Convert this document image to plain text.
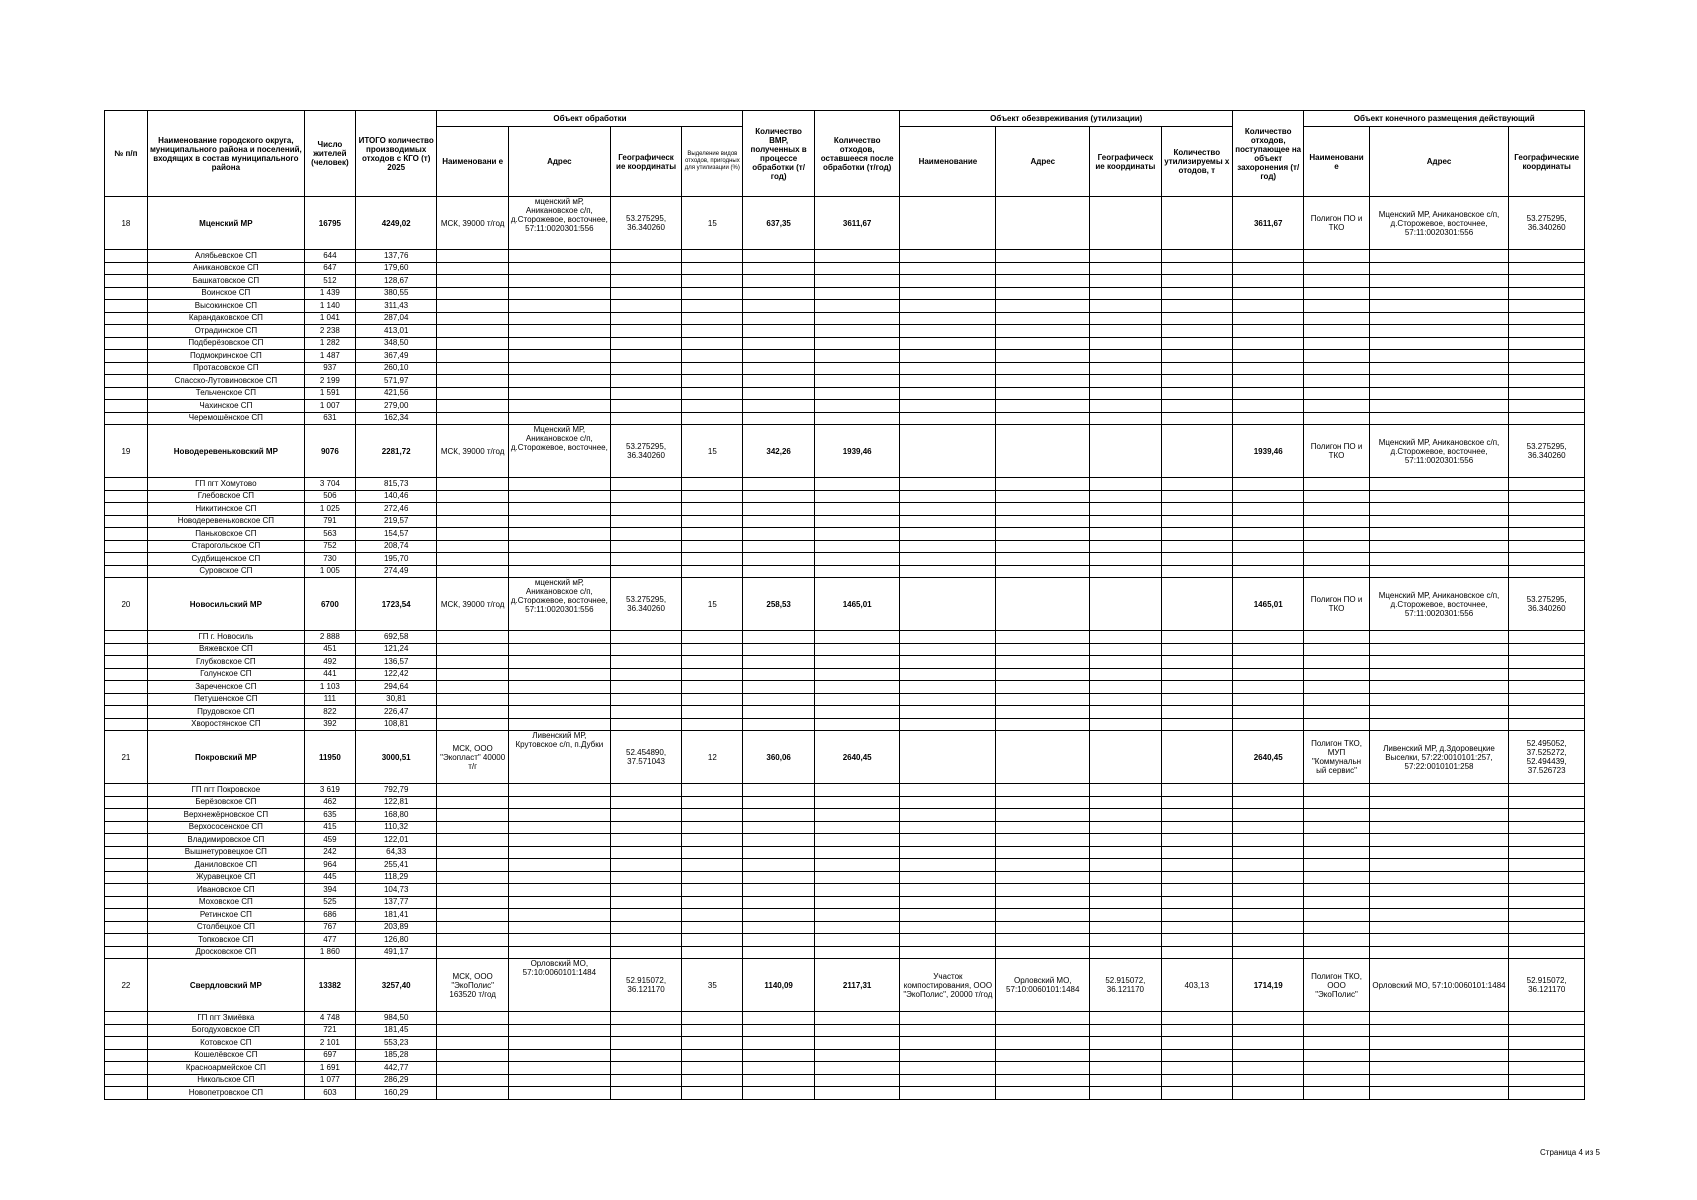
№ п/п	Наименование городского округа, муниципального района и поселений, входящих в состав муниципального района	Число жителей (человек)	ИТОГО количество производимых отходов с КГО (т) 2025	Объект обработки				Количество ВМР, полученных в процессе обработки (т/год)	Количество отходов, оставшееся после обработки (т/год)	Объект обезвреживания (утилизации)				Количество отходов, поступающее на объект захоронения (т/год)	Объект конечного размещения действующий		
				Наименовани е	Адрес	Географическ ие координаты	Выделение видов отходов, пригодных для утилизации (%)			Наименование	Адрес	Географическ ие координаты	Количество утилизируемы х отодов, т		Наименовани е	Адрес	Географические координаты
18	Мценский МР	16795	4249,02	МСК, 39000 т/год	мценский мР, Аникановское с/п, д.Сторожевое, восточнее, 57:11:0020301:556	53.275295, 36.340260	15	637,35	3611,67					3611,67	Полигон ПО и ТКО	Мценский МР, Аникановское с/п, д.Сторожевое, восточнее, 57:11:0020301:556	53.275295, 36.340260
	Алябьевское СП	644	137,76														
	Аникановское СП	647	179,60														
	Башкатовское СП	512	128,67														
	Воинское СП	1 439	380,55														
	Высокинское СП	1 140	311,43														
	Карандаковское СП	1 041	287,04														
	Отрадинское СП	2 238	413,01														
	Подберёзовское СП	1 282	348,50														
	Подмокринское СП	1 487	367,49														
	Протасовское СП	937	260,10														
	Спасско-Лутовиновское СП	2 199	571,97														
	Тельченское СП	1 591	421,56														
	Чахинское СП	1 007	279,00														
	Черемошёнское СП	631	162,34														
19	Новодеревеньковский МР	9076	2281,72	МСК, 39000 т/год	Мценский МР, Аникановское с/п, д.Сторожевое, восточнее,	53.275295, 36.340260	15	342,26	1939,46					1939,46	Полигон ПО и ТКО	Мценский МР, Аникановское с/п, д.Сторожевое, восточнее, 57:11:0020301:556	53.275295, 36.340260
	ГП пгт Хомутово	3 704	815,73														
	Глебовское СП	506	140,46														
	Никитинское СП	1 025	272,46														
	Новодеревеньковское СП	791	219,57														
	Паньковское СП	563	154,57														
	Старогольское СП	752	208,74														
	Судбищенское СП	730	195,70														
	Суровское СП	1 005	274,49														
20	Новосильский МР	6700	1723,54	МСК, 39000 т/год	мценский мР, Аникановское с/п, д.Сторожевое, восточнее, 57:11:0020301:556	53.275295, 36.340260	15	258,53	1465,01					1465,01	Полигон ПО и ТКО	Мценский МР, Аникановское с/п, д.Сторожевое, восточнее, 57:11:0020301:556	53.275295, 36.340260
	ГП г. Новосиль	2 888	692,58														
	Вяжевское СП	451	121,24														
	Глубковское СП	492	136,57														
	Голунское СП	441	122,42														
	Зареченское СП	1 103	294,64														
	Петушенское СП	111	30,81														
	Прудовское СП	822	226,47														
	Хворостянское СП	392	108,81														
21	Покровский МР	11950	3000,51	МСК, ООО "Экопласт" 40000 т/г	Ливенский МР, Крутовское с/п, п.Дубки	52.454890, 37.571043	12	360,06	2640,45					2640,45	Полигон ТКО, МУП "Коммунальн ый сервис"	Ливенский МР, д.Здоровецкие Выселки, 57:22:0010101:257, 57:22:0010101:258	52.495052, 37.525272, 52.494439, 37.526723
	ГП пгт Покровское	3 619	792,79														
	Берёзовское СП	462	122,81														
	Верхнежёрновское СП	635	168,80														
	Верхососенское СП	415	110,32														
	Владимировское СП	459	122,01														
	Вышнетуровецкое СП	242	64,33														
	Даниловское СП	964	255,41														
	Журавецкое СП	445	118,29														
	Ивановское СП	394	104,73														
	Моховское СП	525	137,77														
	Ретинское СП	686	181,41														
	Столбецкое СП	767	203,89														
	Топковское СП	477	126,80														
	Дросковское СП	1 860	491,17														
22	Свердловский МР	13382	3257,40	МСК, ООО "ЭкоПолис" 163520 т/год	Орловский МО, 57:10:0060101:1484	52.915072, 36.121170	35	1140,09	2117,31	Участок компостирования, ООО "ЭкоПолис", 20000 т/год	Орловский МО, 57:10:0060101:1484	52.915072, 36.121170	403,13	1714,19	Полигон ТКО, ООО "ЭкоПолис"	Орловский МО, 57:10:0060101:1484	52.915072, 36.121170
	ГП пгт Змиёвка	4 748	984,50														
	Богодуховское СП	721	181,45														
	Котовское СП	2 101	553,23														
	Кошелёвское СП	697	185,28														
	Красноармейское СП	1 691	442,77														
	Никольское СП	1 077	286,29														
	Новопетровское СП	603	160,29														
Страница 4 из 5
